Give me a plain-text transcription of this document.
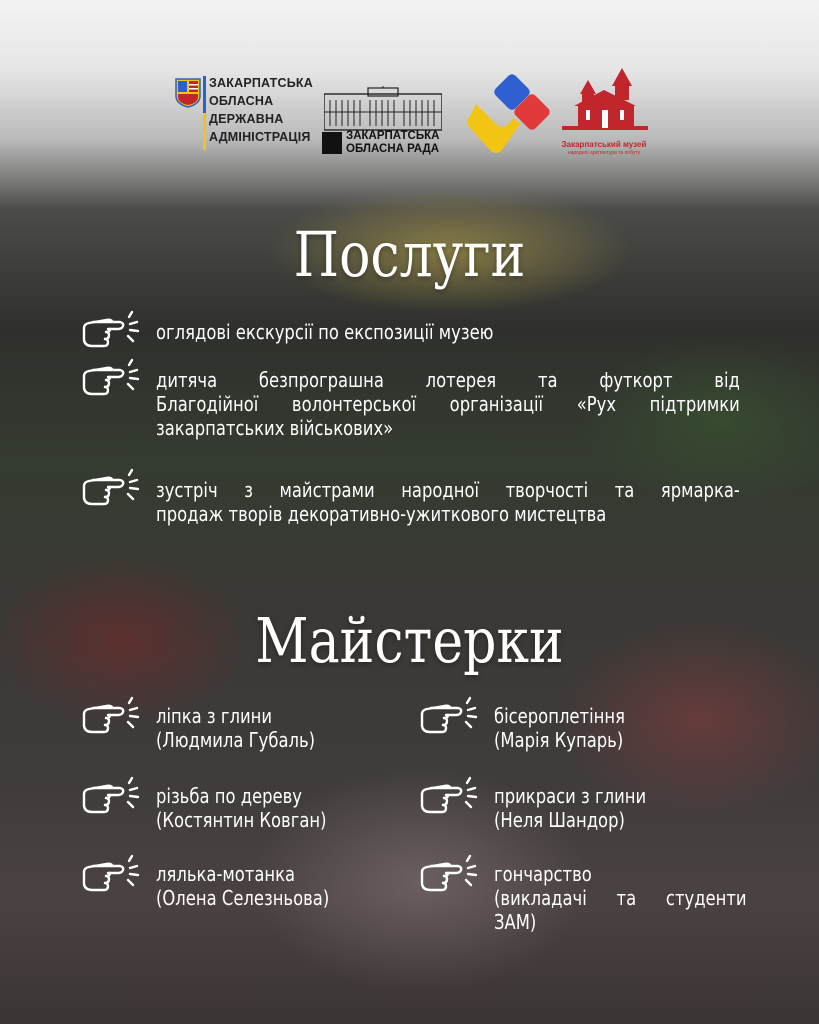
ЗАКАРПАТСЬКА
ОБЛАСНА
ДЕРЖАВНА
АДМІНІСТРАЦІЯ	ЗАКАРПАТСЬКА
ОБЛАСНА РАДА	Закарпатський музей
народної архітектури та побуту
Послуги
оглядові екскурсії по експозиції музею
дитяча безпрограшна лотерея та футкорт від
Благодійної волонтерської організації «Рух підтримки
закарпатських військових»
зустріч з майстрами народної творчості та ярмарка-
продаж творів декоративно-ужиткового мистецтва
Майстерки
ліпка з глини
(Людмила Губаль)
бісероплетіння
(Марія Купарь)
різьба по дереву
(Костянтин Ковган)
прикраси з глини
(Неля Шандор)
лялька-мотанка
(Олена Селезньова)
гончарство
(викладачі та студенти
ЗАМ)
